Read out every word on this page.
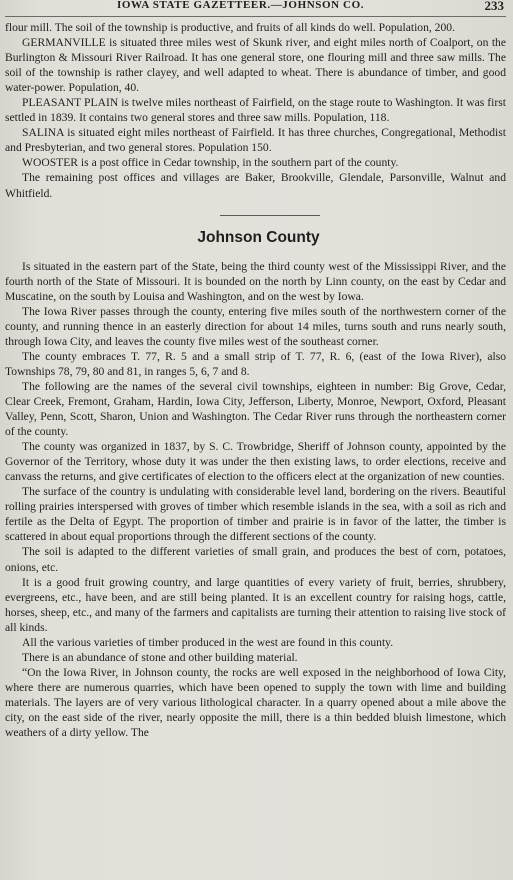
IOWA STATE GAZETTEER.—JOHNSON CO.	233

flour mill. The soil of the township is productive, and fruits of all kinds do well. Population, 200.

GERMANVILLE is situated three miles west of Skunk river, and eight miles north of Coalport, on the Burlington & Missouri River Railroad. It has one general store, one flouring mill and three saw mills. The soil of the township is rather clayey, and well adapted to wheat. There is abundance of timber, and good water-power. Population, 40.

PLEASANT PLAIN is twelve miles northeast of Fairfield, on the stage route to Washington. It was first settled in 1839. It contains two general stores and three saw mills. Population, 118.

SALINA is situated eight miles northeast of Fairfield. It has three churches, Congregational, Methodist and Presbyterian, and two general stores. Population 150.

WOOSTER is a post office in Cedar township, in the southern part of the county.

The remaining post offices and villages are Baker, Brookville, Glendale, Parsonville, Walnut and Whitfield.

Johnson County

Is situated in the eastern part of the State, being the third county west of the Mississippi River, and the fourth north of the State of Missouri. It is bounded on the north by Linn county, on the east by Cedar and Muscatine, on the south by Louisa and Washington, and on the west by Iowa.

The Iowa River passes through the county, entering five miles south of the northwestern corner of the county, and running thence in an easterly direction for about 14 miles, turns south and runs nearly south, through Iowa City, and leaves the county five miles west of the southeast corner.

The county embraces T. 77, R. 5 and a small strip of T. 77, R. 6, (east of the Iowa River), also Townships 78, 79, 80 and 81, in ranges 5, 6, 7 and 8.

The following are the names of the several civil townships, eighteen in number: Big Grove, Cedar, Clear Creek, Fremont, Graham, Hardin, Iowa City, Jefferson, Liberty, Monroe, Newport, Oxford, Pleasant Valley, Penn, Scott, Sharon, Union and Washington. The Cedar River runs through the northeastern corner of the county.

The county was organized in 1837, by S. C. Trowbridge, Sheriff of Johnson county, appointed by the Governor of the Territory, whose duty it was under the then existing laws, to order elections, receive and canvass the returns, and give certificates of election to the officers elect at the organization of new counties.

The surface of the country is undulating with considerable level land, bordering on the rivers. Beautiful rolling prairies interspersed with groves of timber which resemble islands in the sea, with a soil as rich and fertile as the Delta of Egypt. The proportion of timber and prairie is in favor of the latter, the timber is scattered in about equal proportions through the different sections of the county.

The soil is adapted to the different varieties of small grain, and produces the best of corn, potatoes, onions, etc.

It is a good fruit growing country, and large quantities of every variety of fruit, berries, shrubbery, evergreens, etc., have been, and are still being planted. It is an excellent country for raising hogs, cattle, horses, sheep, etc., and many of the farmers and capitalists are turning their attention to raising live stock of all kinds.

All the various varieties of timber produced in the west are found in this county.

There is an abundance of stone and other building material.

“On the Iowa River, in Johnson county, the rocks are well exposed in the neighborhood of Iowa City, where there are numerous quarries, which have been opened to supply the town with lime and building materials. The layers are of very various lithological character. In a quarry opened about a mile above the city, on the east side of the river, nearly opposite the mill, there is a thin bedded bluish limestone, which weathers of a dirty yellow. The
